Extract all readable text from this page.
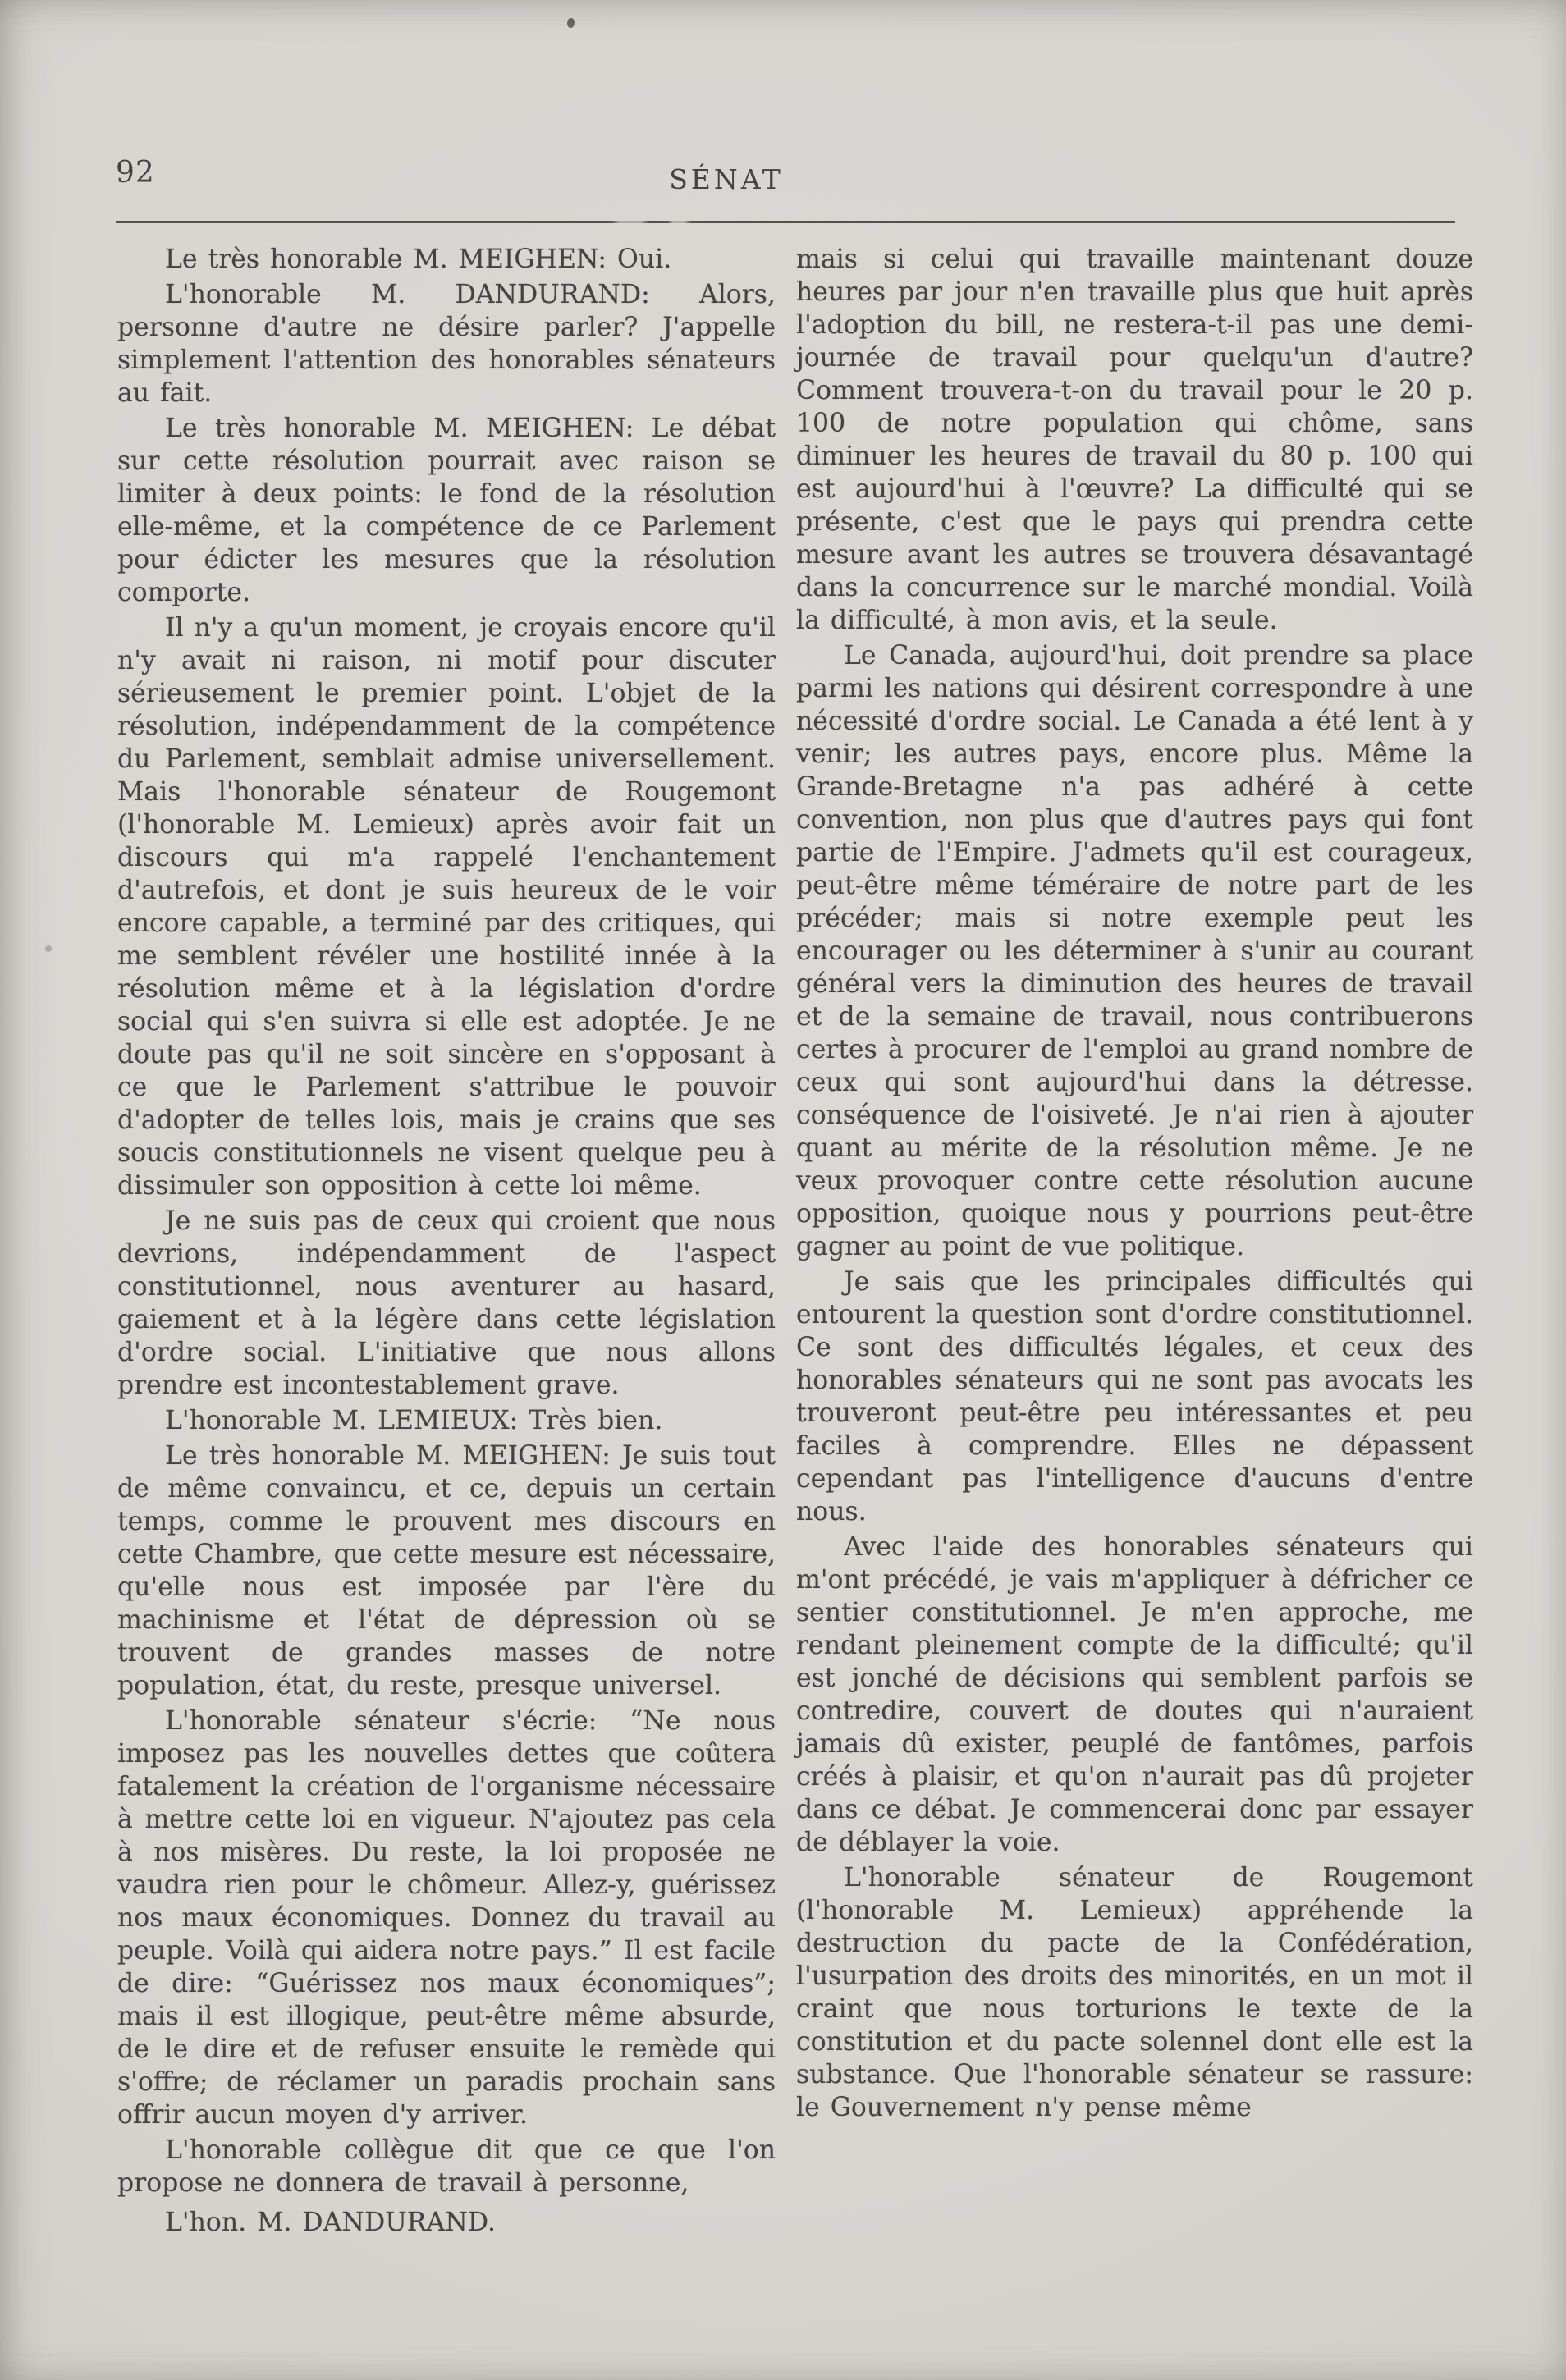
92	SÉNAT

Le très honorable M. MEIGHEN: Oui.

L'honorable M. DANDURAND: Alors, personne d'autre ne désire parler? J'appelle simplement l'attention des honorables sénateurs au fait.

Le très honorable M. MEIGHEN: Le débat sur cette résolution pourrait avec raison se limiter à deux points: le fond de la résolution elle-même, et la compétence de ce Parlement pour édicter les mesures que la résolution comporte.

Il n'y a qu'un moment, je croyais encore qu'il n'y avait ni raison, ni motif pour discuter sérieusement le premier point. L'objet de la résolution, indépendamment de la compétence du Parlement, semblait admise universellement. Mais l'honorable sénateur de Rougemont (l'honorable M. Lemieux) après avoir fait un discours qui m'a rappelé l'enchantement d'autrefois, et dont je suis heureux de le voir encore capable, a terminé par des critiques, qui me semblent révéler une hostilité innée à la résolution même et à la législation d'ordre social qui s'en suivra si elle est adoptée. Je ne doute pas qu'il ne soit sincère en s'opposant à ce que le Parlement s'attribue le pouvoir d'adopter de telles lois, mais je crains que ses soucis constitutionnels ne visent quelque peu à dissimuler son opposition à cette loi même.

Je ne suis pas de ceux qui croient que nous devrions, indépendamment de l'aspect constitutionnel, nous aventurer au hasard, gaiement et à la légère dans cette législation d'ordre social. L'initiative que nous allons prendre est incontestablement grave.

L'honorable M. LEMIEUX: Très bien.

Le très honorable M. MEIGHEN: Je suis tout de même convaincu, et ce, depuis un certain temps, comme le prouvent mes discours en cette Chambre, que cette mesure est nécessaire, qu'elle nous est imposée par l'ère du machinisme et l'état de dépression où se trouvent de grandes masses de notre population, état, du reste, presque universel.

L'honorable sénateur s'écrie: “Ne nous imposez pas les nouvelles dettes que coûtera fatalement la création de l'organisme nécessaire à mettre cette loi en vigueur. N'ajoutez pas cela à nos misères. Du reste, la loi proposée ne vaudra rien pour le chômeur. Allez-y, guérissez nos maux économiques. Donnez du travail au peuple. Voilà qui aidera notre pays.” Il est facile de dire: “Guérissez nos maux économiques”; mais il est illogique, peut-être même absurde, de le dire et de refuser ensuite le remède qui s'offre; de réclamer un paradis prochain sans offrir aucun moyen d'y arriver.

L'honorable collègue dit que ce que l'on propose ne donnera de travail à personne,

L'hon. M. DANDURAND.

mais si celui qui travaille maintenant douze heures par jour n'en travaille plus que huit après l'adoption du bill, ne restera-t-il pas une demi-journée de travail pour quelqu'un d'autre? Comment trouvera-t-on du travail pour le 20 p. 100 de notre population qui chôme, sans diminuer les heures de travail du 80 p. 100 qui est aujourd'hui à l'œuvre? La difficulté qui se présente, c'est que le pays qui prendra cette mesure avant les autres se trouvera désavantagé dans la concurrence sur le marché mondial. Voilà la difficulté, à mon avis, et la seule.

Le Canada, aujourd'hui, doit prendre sa place parmi les nations qui désirent correspondre à une nécessité d'ordre social. Le Canada a été lent à y venir; les autres pays, encore plus. Même la Grande-Bretagne n'a pas adhéré à cette convention, non plus que d'autres pays qui font partie de l'Empire. J'admets qu'il est courageux, peut-être même téméraire de notre part de les précéder; mais si notre exemple peut les encourager ou les déterminer à s'unir au courant général vers la diminution des heures de travail et de la semaine de travail, nous contribuerons certes à procurer de l'emploi au grand nombre de ceux qui sont aujourd'hui dans la détresse. conséquence de l'oisiveté. Je n'ai rien à ajouter quant au mérite de la résolution même. Je ne veux provoquer contre cette résolution aucune opposition, quoique nous y pourrions peut-être gagner au point de vue politique.

Je sais que les principales difficultés qui entourent la question sont d'ordre constitutionnel. Ce sont des difficultés légales, et ceux des honorables sénateurs qui ne sont pas avocats les trouveront peut-être peu intéressantes et peu faciles à comprendre. Elles ne dépassent cependant pas l'intelligence d'aucuns d'entre nous.

Avec l'aide des honorables sénateurs qui m'ont précédé, je vais m'appliquer à défricher ce sentier constitutionnel. Je m'en approche, me rendant pleinement compte de la difficulté; qu'il est jonché de décisions qui semblent parfois se contredire, couvert de doutes qui n'auraient jamais dû exister, peuplé de fantômes, parfois créés à plaisir, et qu'on n'aurait pas dû projeter dans ce débat. Je commencerai donc par essayer de déblayer la voie.

L'honorable sénateur de Rougemont (l'honorable M. Lemieux) appréhende la destruction du pacte de la Confédération, l'usurpation des droits des minorités, en un mot il craint que nous torturions le texte de la constitution et du pacte solennel dont elle est la substance. Que l'honorable sénateur se rassure: le Gouvernement n'y pense même
